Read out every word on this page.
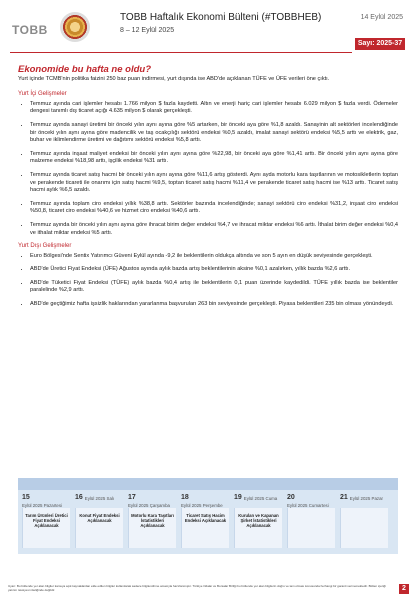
TOBB
TOBB Haftalık Ekonomi Bülteni (#TOBBHEB)
8 – 12 Eylül 2025
14 Eylül 2025
Sayı: 2025-37
Ekonomide bu hafta ne oldu?
Yurt içinde TCMB'nin politika faizini 250 baz puan indirmesi, yurt dışında ise ABD'de açıklanan TÜFE ve ÜFE verileri öne çıktı.
Yurt İçi Gelişmeler
• Temmuz ayında cari işlemler hesabı 1.766 milyon $ fazla kaydetti. Altın ve enerji hariç cari işlemler hesabı 6.029 milyon $ fazla verdi. Ödemeler dengesi tanımlı dış ticaret açığı 4.635 milyon $ olarak gerçekleşti.
• Temmuz ayında sanayi üretimi bir önceki yılın aynı ayına göre %5 artarken, bir önceki aya göre %1,8 azaldı. Sanayinin alt sektörleri incelendiğinde bir önceki yılın aynı ayına göre madencilik ve taş ocakçılığı sektörü endeksi %0,5 azaldı, imalat sanayi sektörü endeksi %5,5 arttı ve elektrik, gaz, buhar ve iklimlendirme üretimi ve dağıtımı sektörü endeksi %5,8 arttı.
• Temmuz ayında inşaat maliyet endeksi bir önceki yılın aynı ayına göre %22,98, bir önceki aya göre %1,41 arttı. Bir önceki yılın aynı ayına göre malzeme endeksi %18,98 arttı, işçilik endeksi %31 arttı.
• Temmuz ayında ticaret satış hacmi bir önceki yılın aynı ayına göre %11,6 artış gösterdi. Aynı ayda motorlu kara taşıtlarının ve motosikletlerin toptan ve perakende ticareti ile onarımı için satış hacmi %9,5, toptan ticaret satış hacmi %11,4 ve perakende ticaret satış hacmi ise %13 arttı. Ticaret satış hacmi aylık %6,5 azaldı.
• Temmuz ayında toplam ciro endeksi yıllık %38,8 arttı. Sektörler bazında incelendiğinde; sanayi sektörü ciro endeksi %31,2, inşaat ciro endeksi %50,8, ticaret ciro endeksi %40,6 ve hizmet ciro endeksi %40,6 arttı.
• Temmuz ayında bir önceki yılın aynı ayına göre ihracat birim değer endeksi %4,7 ve ihracat miktar endeksi %6 arttı. İthalat birim değer endeksi %0,4 ve ithalat miktar endeksi %5 arttı.
Yurt Dışı Gelişmeler
• Euro Bölgesi'nde Sentix Yatırımcı Güveni Eylül ayında -9,2 ile beklentilerin oldukça altında ve son 5 ayın en düşük seviyesinde gerçekleşti.
• ABD'de Üretici Fiyat Endeksi (ÜFE) Ağustos ayında aylık bazda artış beklentilerinin aksine %0,1 azalırken, yıllık bazda %2,6 arttı.
• ABD'de Tüketici Fiyat Endeksi (TÜFE) aylık bazda %0,4 artış ile beklentilerin 0,1 puan üzerinde kaydedildi. TÜFE yıllık bazda ise beklentiler paralelinde %2,9 arttı.
• ABD'de geçtiğimiz hafta işsizlik haklarından yararlanma başvuruları 263 bin seviyesinde gerçekleşti. Piyasa beklentileri 235 bin olması yönündeydi.
15
Eylül 2025 Pazartesi
Tarım Ürünleri Üretici Fiyat Endeksi Açıklanacak
16 Eylül 2025 Salı
Konut Fiyat Endeksi Açıklanacak
17
Eylül 2025 Çarşamba
Motorlu Kara Taşıtları İstatistikleri Açıklanacak
18
Eylül 2025 Perşembe
Ticaret Satış Hacim Endeksi Açıklanacak
19 Eylül 2025 Cuma
Kurulan ve Kapanan Şirket İstatistikleri Açıklanacak
20
Eylül 2025 Cumartesi
21 Eylül 2025 Pazar
Uyarı: Bu bültende yer alan bilgiler kamuya açık kaynaklardan elde edilen bilgiler kullanılarak sadece bilgilendirme amacıyla hazırlanmıştır. Türkiye Odalar ve Borsalar Birliği bu bültende yer alan bilgilerin doğru ve tam olması konusunda herhangi bir garanti vermemektedir. Bülten içeriği yatırım tavsiyesi niteliğinde değildir.	2
